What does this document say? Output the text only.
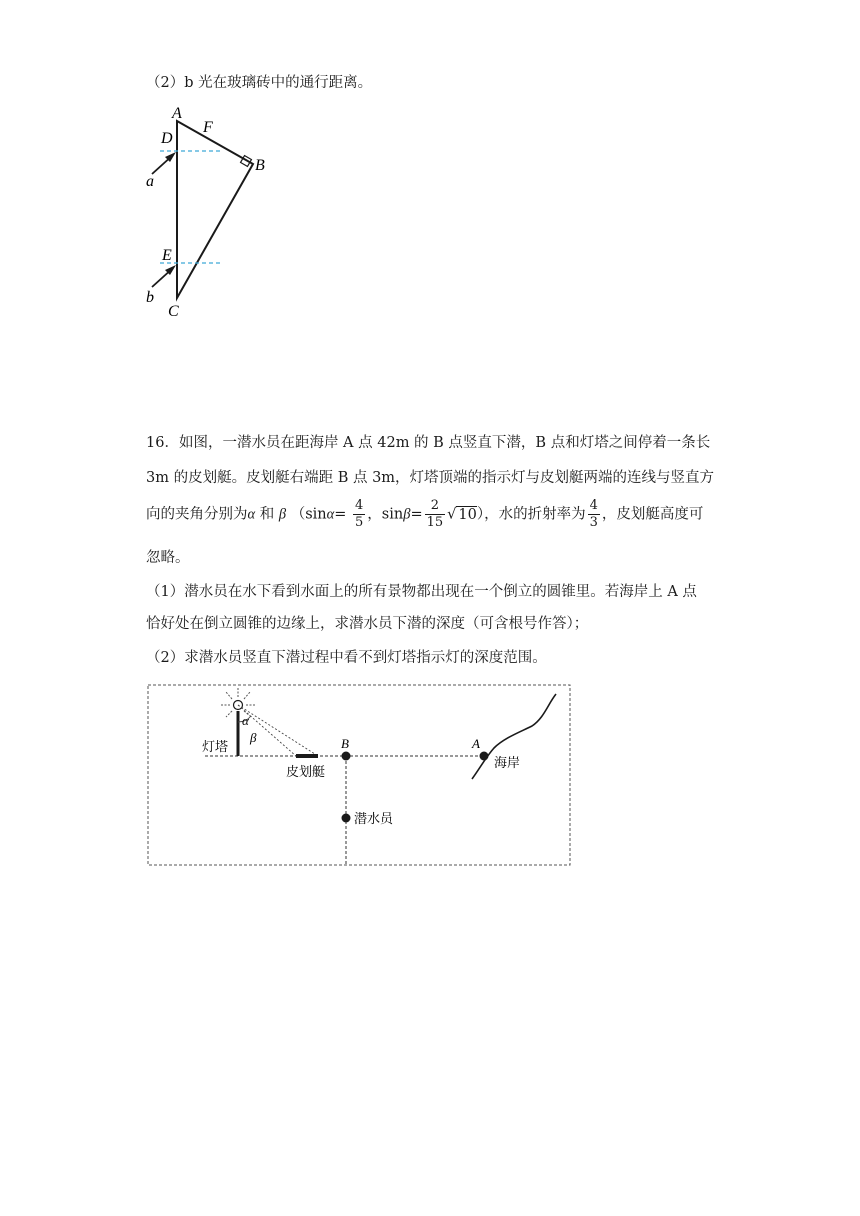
（2）b 光在玻璃砖中的通行距离。
A
F
D
B
a
E
b
C
16．如图，一潜水员在距海岸 A 点 42m 的 B 点竖直下潜，B 点和灯塔之间停着一条长
3m 的皮划艇。皮划艇右端距 B 点 3m，灯塔顶端的指示灯与皮划艇两端的连线与竖直方
向的夹角分别为α 和 β （$\sin\alpha= \frac{4}{5}$ ，$\sin\beta= \frac{2}{15}$ √ 10），水的折射率为 $\frac{4}{3}$ ，皮划艇高度可
忽略。
（1）潜水员在水下看到水面上的所有景物都出现在一个倒立的圆锥里。若海岸上 A 点
恰好处在倒立圆锥的边缘上，求潜水员下潜的深度（可含根号作答）；
（2）求潜水员竖直下潜过程中看不到灯塔指示灯的深度范围。
α
β
灯塔
皮划艇
B	A
海岸
潜水员
